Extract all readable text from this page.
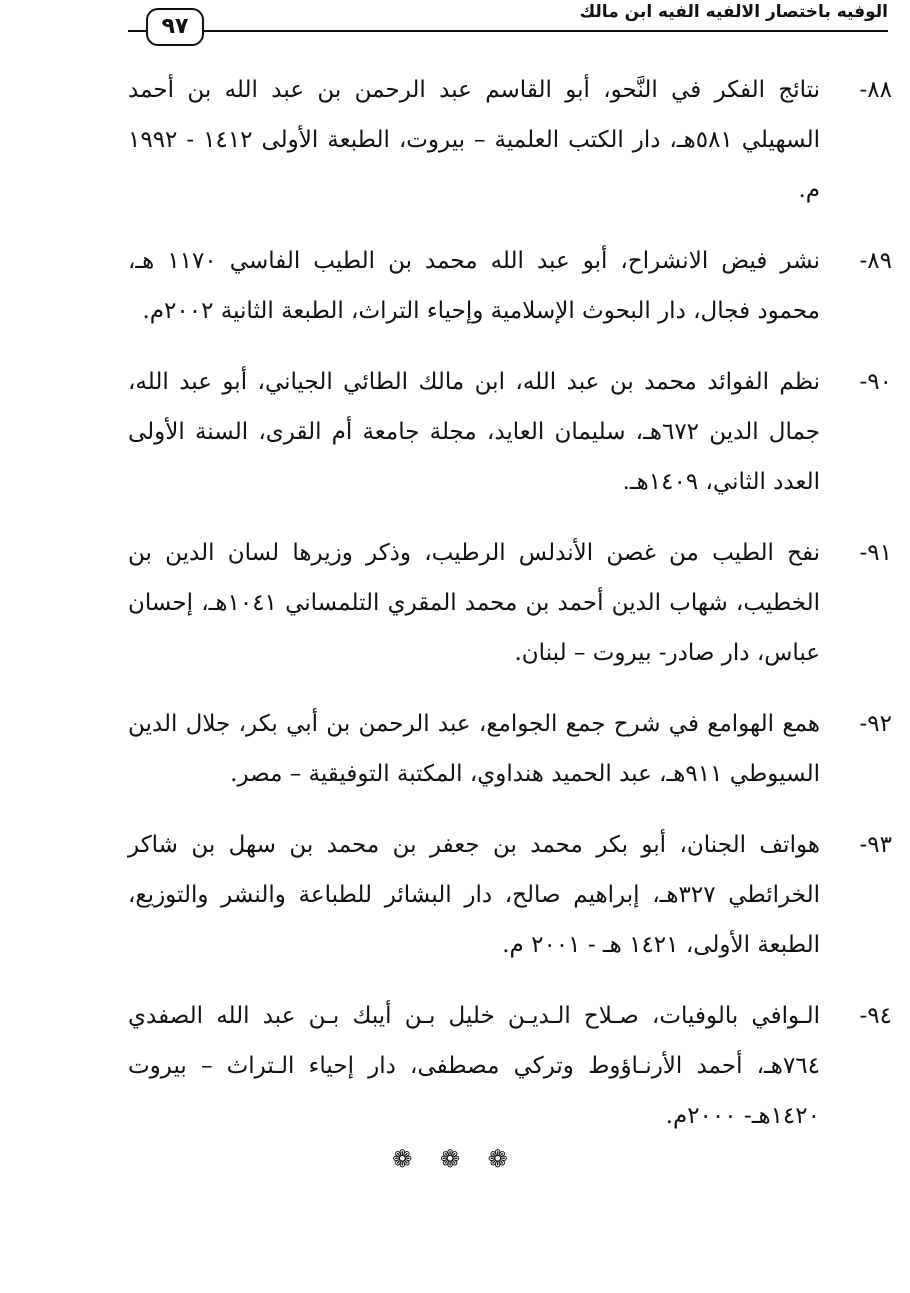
الوفيه باختصار الالفيه الفيه ابن مالك
٩٧
٨٨-
نتائج الفكر في النَّحو، أبو القاسم عبد الرحمن بن عبد الله بن أحمد السهيلي ٥٨١هـ، دار الكتب العلمية – بيروت، الطبعة الأولى ١٤١٢ - ١٩٩٢ م.
٨٩-
نشر فيض الانشراح، أبو عبد الله محمد بن الطيب الفاسي ١١٧٠ هـ، محمود فجال، دار البحوث الإسلامية وإحياء التراث، الطبعة الثانية ٢٠٠٢م.
٩٠-
نظم الفوائد محمد بن عبد الله، ابن مالك الطائي الجياني، أبو عبد الله، جمال الدين ٦٧٢هـ، سليمان العايد، مجلة جامعة أم القرى، السنة الأولى العدد الثاني، ١٤٠٩هـ.
٩١-
نفح الطيب من غصن الأندلس الرطيب، وذكر وزيرها لسان الدين بن الخطيب، شهاب الدين أحمد بن محمد المقري التلمساني ١٠٤١هـ، إحسان عباس، دار صادر- بيروت – لبنان.
٩٢-
همع الهوامع في شرح جمع الجوامع، عبد الرحمن بن أبي بكر، جلال الدين السيوطي ٩١١هـ، عبد الحميد هنداوي، المكتبة التوفيقية – مصر.
٩٣-
هواتف الجنان، أبو بكر محمد بن جعفر بن محمد بن سهل بن شاكر الخرائطي ٣٢٧هـ، إبراهيم صالح، دار البشائر للطباعة والنشر والتوزيع، الطبعة الأولى، ١٤٢١ هـ - ٢٠٠١ م.
٩٤-
الـوافي بالوفيات، صـلاح الـديـن خليل بـن أيبك بـن عبد الله الصفدي ٧٦٤هـ، أحمد الأرنـاؤوط وتركي مصطفى، دار إحياء الـتراث – بيروت ١٤٢٠هـ- ٢٠٠٠م.
❁ ❁ ❁
